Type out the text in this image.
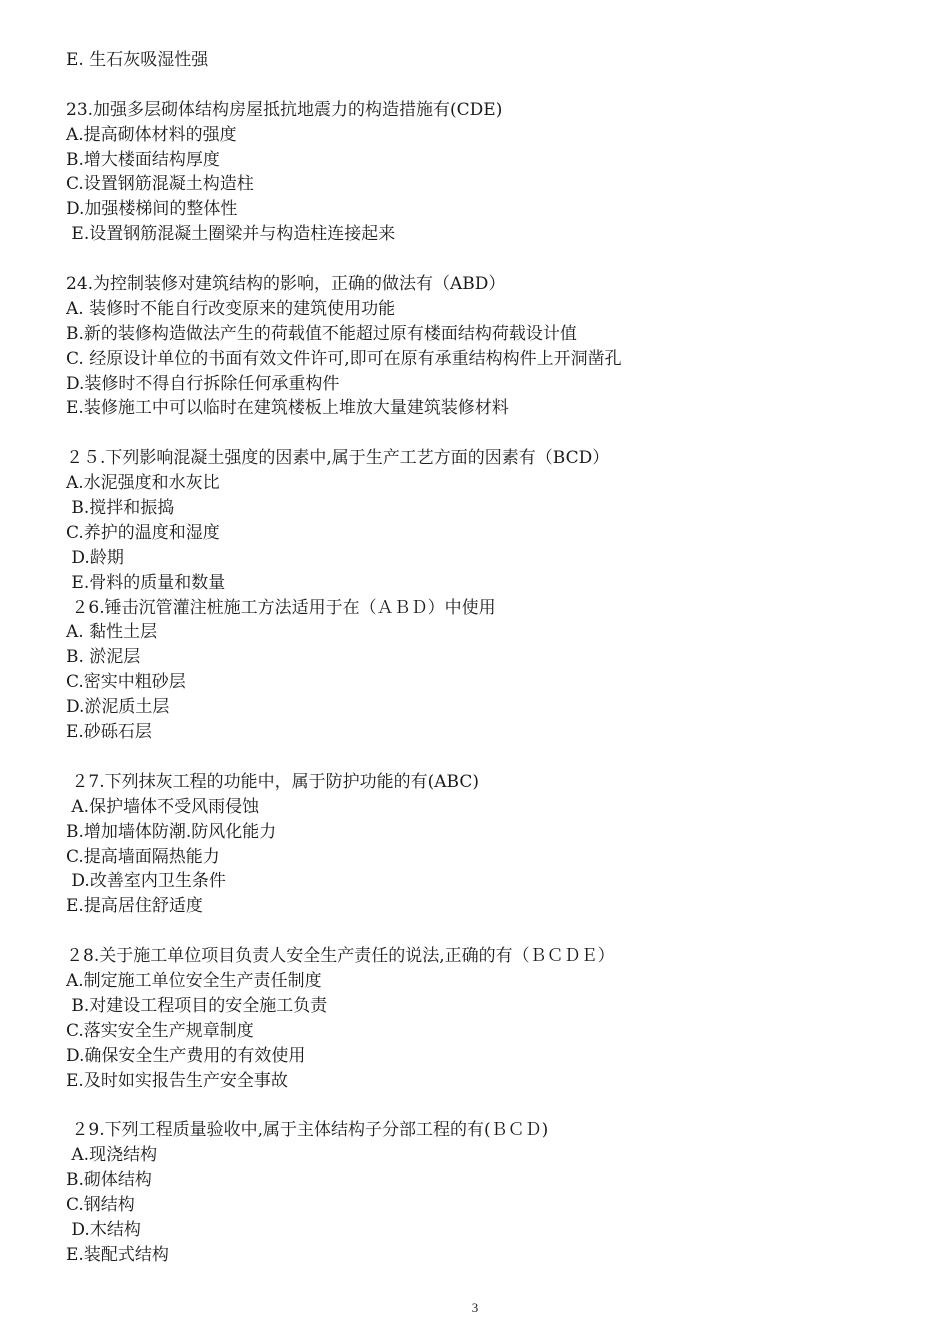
E. 生石灰吸湿性强
23.加强多层砌体结构房屋抵抗地震力的构造措施有(CDE)
A.提高砌体材料的强度
B.增大楼面结构厚度
C.设置钢筋混凝土构造柱
D.加强楼梯间的整体性
E.设置钢筋混凝土圈梁并与构造柱连接起来
24.为控制装修对建筑结构的影响，正确的做法有（ABD）
A. 装修时不能自行改变原来的建筑使用功能
B.新的装修构造做法产生的荷载值不能超过原有楼面结构荷载设计值
C. 经原设计单位的书面有效文件许可,即可在原有承重结构构件上开洞凿孔
D.装修时不得自行拆除任何承重构件
E.装修施工中可以临时在建筑楼板上堆放大量建筑装修材料
２５.下列影响混凝土强度的因素中,属于生产工艺方面的因素有（BCD）
A.水泥强度和水灰比
B.搅拌和振捣
C.养护的温度和湿度
D.龄期
E.骨料的质量和数量
２6.锤击沉管灌注桩施工方法适用于在（ＡＢＤ）中使用
A. 黏性土层
B. 淤泥层
C.密实中粗砂层
D.淤泥质土层
E.砂砾石层
２7.下列抹灰工程的功能中，属于防护功能的有(ABC)
A.保护墙体不受风雨侵蚀
B.增加墙体防潮.防风化能力
C.提高墙面隔热能力
D.改善室内卫生条件
E.提高居住舒适度
２8.关于施工单位项目负责人安全生产责任的说法,正确的有（ＢＣＤＥ）
A.制定施工单位安全生产责任制度
B.对建设工程项目的安全施工负责
C.落实安全生产规章制度
D.确保安全生产费用的有效使用
E.及时如实报告生产安全事故
２9.下列工程质量验收中,属于主体结构子分部工程的有(ＢＣＤ)
A.现浇结构
B.砌体结构
C.钢结构
D.木结构
E.装配式结构
3
